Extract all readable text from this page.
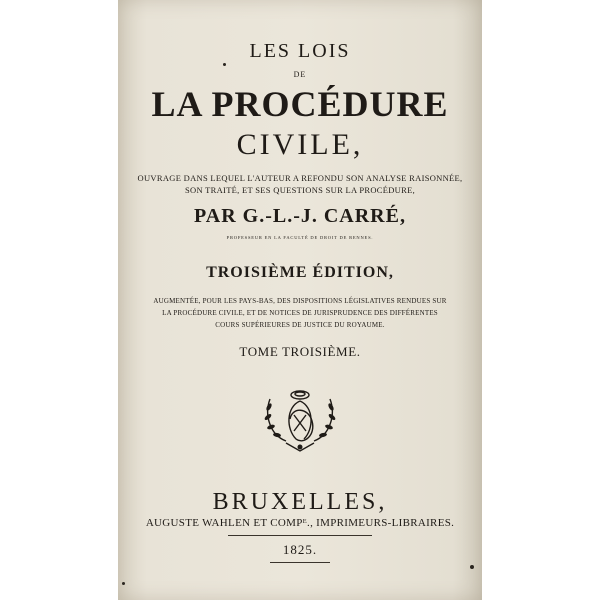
LES LOIS
DE
LA PROCÉDURE
CIVILE,
OUVRAGE DANS LEQUEL L'AUTEUR A REFONDU SON ANALYSE RAISONNÉE,
SON TRAITÉ, ET SES QUESTIONS SUR LA PROCÉDURE,
PAR G.-L.-J. CARRÉ,
PROFESSEUR EN LA FACULTÉ DE DROIT DE RENNES.
TROISIÈME ÉDITION,
AUGMENTÉE, POUR LES PAYS-BAS, DES DISPOSITIONS LÉGISLATIVES RENDUES SUR
LA PROCÉDURE CIVILE, ET DE NOTICES DE JURISPRUDENCE DES DIFFÉRENTES
COURS SUPÉRIEURES DE JUSTICE DU ROYAUME.
TOME TROISIÈME.
BRUXELLES,
AUGUSTE WAHLEN ET COMPᴱ., IMPRIMEURS-LIBRAIRES.
1825.
